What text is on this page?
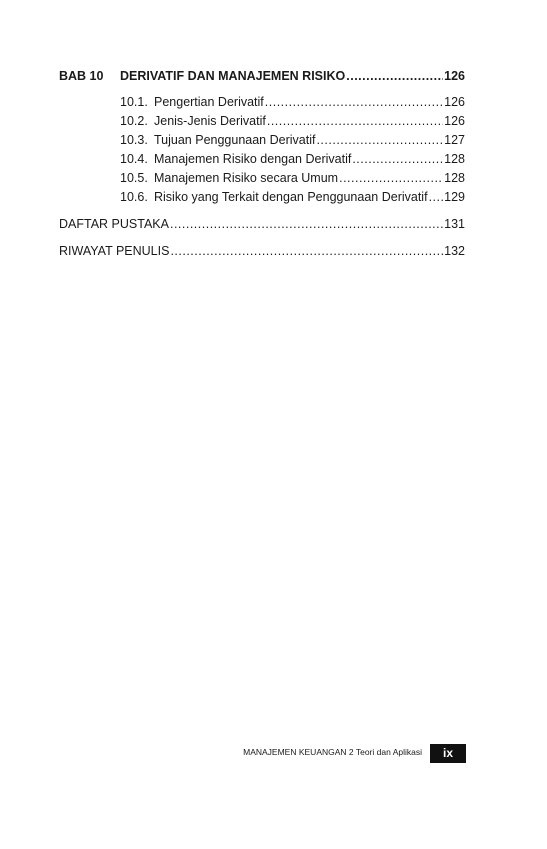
BAB 10	DERIVATIF DAN MANAJEMEN RISIKO .....	126
10.1. Pengertian Derivatif .....	126
10.2. Jenis-Jenis Derivatif .....	126
10.3. Tujuan Penggunaan Derivatif .....	127
10.4. Manajemen Risiko dengan Derivatif .....	128
10.5. Manajemen Risiko secara Umum .....	128
10.6. Risiko yang Terkait dengan Penggunaan Derivatif ..... 129
DAFTAR PUSTAKA .....	131
RIWAYAT PENULIS .....	132
MANAJEMEN KEUANGAN 2 Teori dan Aplikasi	ix
